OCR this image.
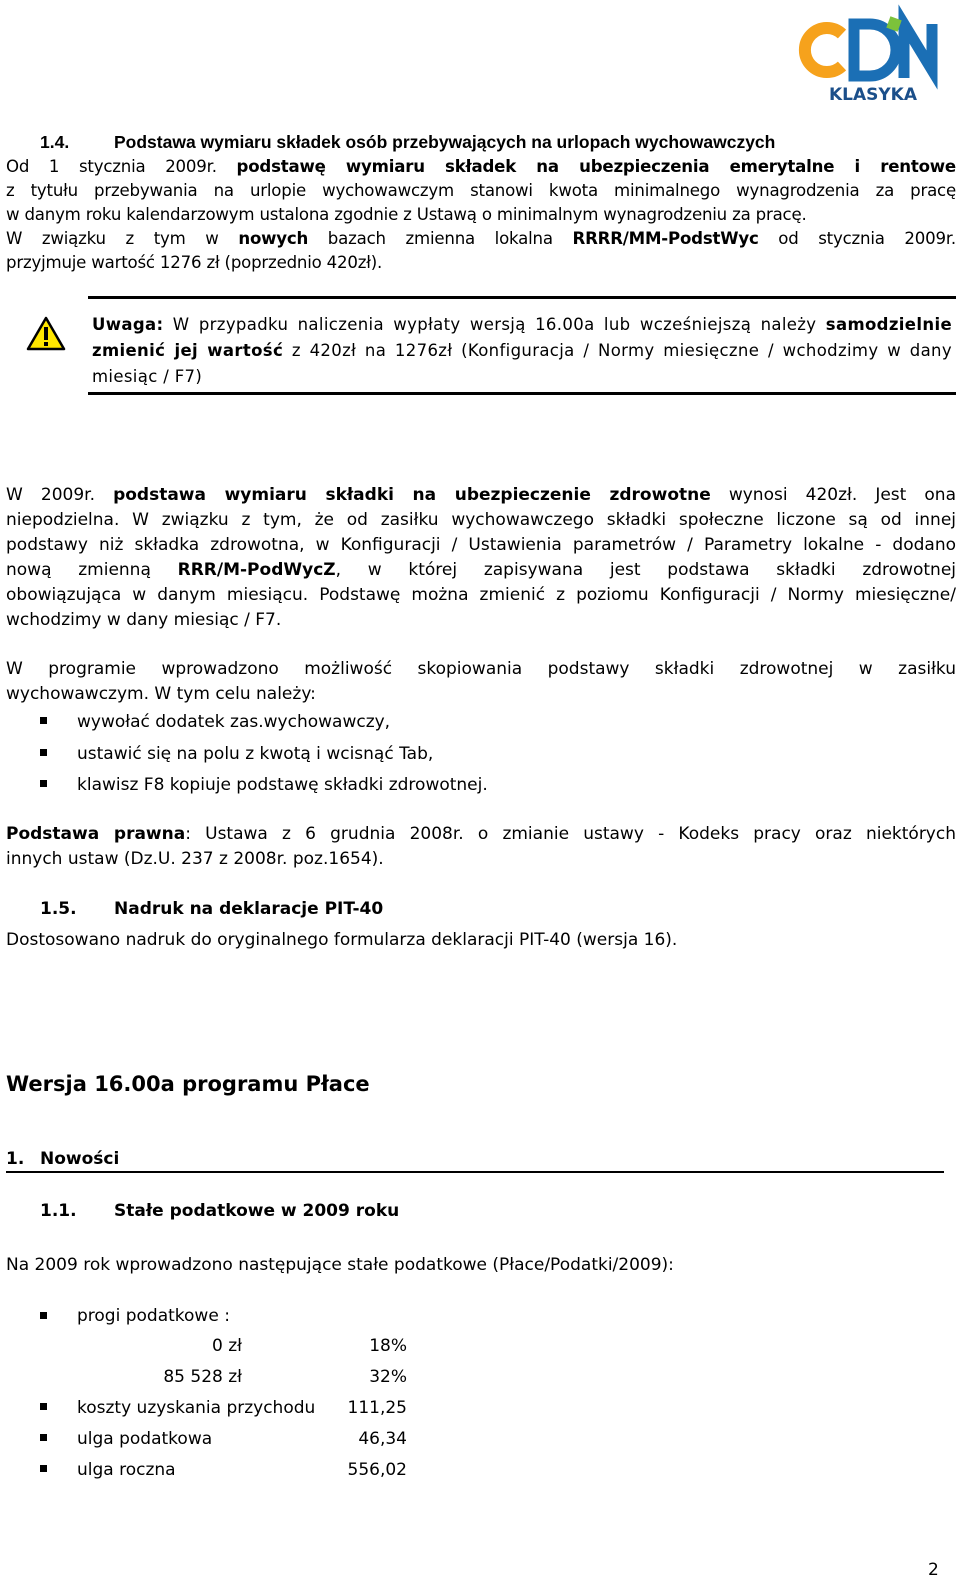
KLASYKA
1.4.	Podstawa wymiaru składek osób przebywających na urlopach wychowawczych
Od 1 stycznia 2009r. podstawę wymiaru składek na ubezpieczenia emerytalne i rentowe
z tytułu przebywania na urlopie wychowawczym stanowi kwota minimalnego wynagrodzenia za pracę
w danym roku kalendarzowym ustalona zgodnie z Ustawą o minimalnym wynagrodzeniu za pracę.
W związku z tym w nowych bazach zmienna lokalna RRRR/MM-PodstWyc od stycznia 2009r.
przyjmuje wartość 1276 zł (poprzednio 420zł).
Uwaga: W przypadku naliczenia wypłaty wersją 16.00a lub wcześniejszą należy samodzielnie zmienić jej wartość z 420zł na 1276zł (Konfiguracja / Normy miesięczne / wchodzimy w dany miesiąc / F7)
W 2009r. podstawa wymiaru składki na ubezpieczenie zdrowotne wynosi 420zł. Jest ona
niepodzielna. W związku z tym, że od zasiłku wychowawczego składki społeczne liczone są od innej
podstawy niż składka zdrowotna, w Konfiguracji / Ustawienia parametrów / Parametry lokalne - dodano
nową zmienną RRR/M-PodWycZ, w której zapisywana jest podstawa składki zdrowotnej
obowiązująca w danym miesiącu. Podstawę można zmienić z poziomu Konfiguracji / Normy miesięczne/
wchodzimy w dany miesiąc / F7.
W programie wprowadzono możliwość skopiowania podstawy składki zdrowotnej w zasiłku
wychowawczym. W tym celu należy:
wywołać dodatek zas.wychowawczy,
ustawić się na polu z kwotą i wcisnąć Tab,
klawisz F8 kopiuje podstawę składki zdrowotnej.
Podstawa prawna: Ustawa z 6 grudnia 2008r. o zmianie ustawy - Kodeks pracy oraz niektórych
innych ustaw (Dz.U. 237 z 2008r. poz.1654).
1.5. Nadruk na deklaracje PIT-40
Dostosowano nadruk do oryginalnego formularza deklaracji PIT-40 (wersja 16).
Wersja 16.00a programu Płace
1. Nowości
1.1. Stałe podatkowe w 2009 roku
Na 2009 rok wprowadzono następujące stałe podatkowe (Płace/Podatki/2009):
progi podatkowe :
0 zł	18%
85 528 zł	32%
koszty uzyskania przychodu	111,25
ulga podatkowa	46,34
ulga roczna	556,02
2
